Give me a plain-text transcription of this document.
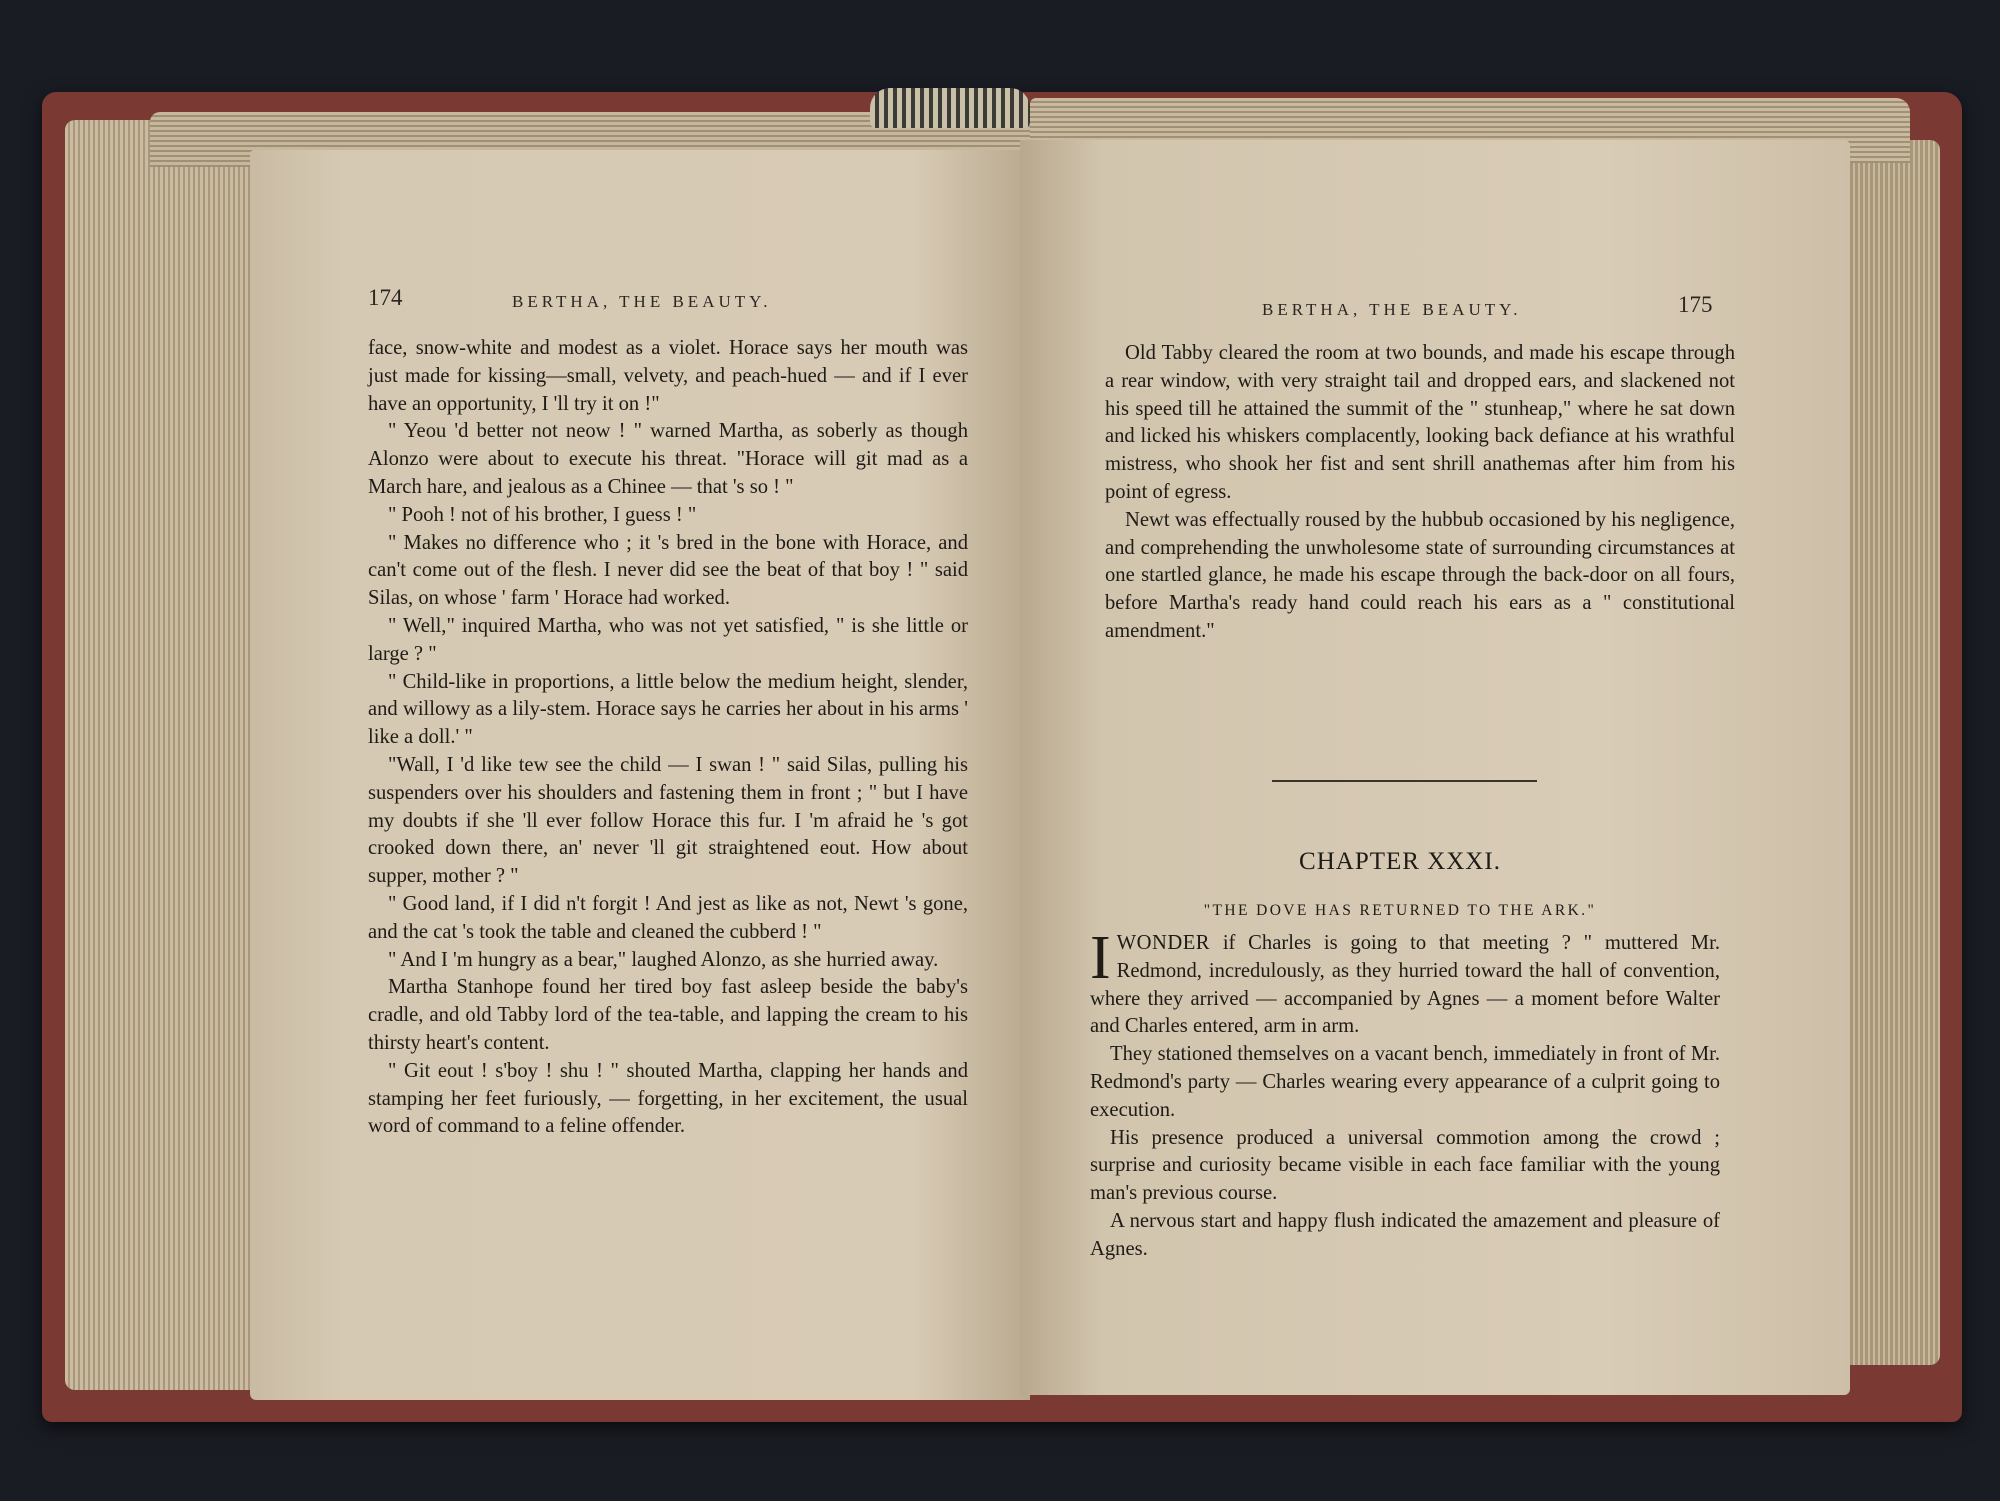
174	BERTHA, THE BEAUTY.

face, snow-white and modest as a violet. Horace says her mouth was just made for kissing—small, velvety, and peach-hued — and if I ever have an opportunity, I 'll try it on !"

" Yeou 'd better not neow ! " warned Martha, as soberly as though Alonzo were about to execute his threat. "Horace will git mad as a March hare, and jealous as a Chinee — that 's so ! "

" Pooh ! not of his brother, I guess ! "

" Makes no difference who ; it 's bred in the bone with Horace, and can't come out of the flesh. I never did see the beat of that boy ! " said Silas, on whose ' farm ' Horace had worked.

" Well," inquired Martha, who was not yet satisfied, " is she little or large ? "

" Child-like in proportions, a little below the medium height, slender, and willowy as a lily-stem. Horace says he carries her about in his arms ' like a doll.' "

"Wall, I 'd like tew see the child — I swan ! " said Silas, pulling his suspenders over his shoulders and fastening them in front ; " but I have my doubts if she 'll ever follow Horace this fur. I 'm afraid he 's got crooked down there, an' never 'll git straightened eout. How about supper, mother ? "

" Good land, if I did n't forgit ! And jest as like as not, Newt 's gone, and the cat 's took the table and cleaned the cubberd ! "

" And I 'm hungry as a bear," laughed Alonzo, as she hurried away.

Martha Stanhope found her tired boy fast asleep beside the baby's cradle, and old Tabby lord of the tea-table, and lapping the cream to his thirsty heart's content.

" Git eout ! s'boy ! shu ! " shouted Martha, clapping her hands and stamping her feet furiously, — forgetting, in her excitement, the usual word of command to a feline offender.

BERTHA, THE BEAUTY.	175

Old Tabby cleared the room at two bounds, and made his escape through a rear window, with very straight tail and dropped ears, and slackened not his speed till he attained the summit of the " stunheap," where he sat down and licked his whiskers complacently, looking back defiance at his wrathful mistress, who shook her fist and sent shrill anathemas after him from his point of egress.

Newt was effectually roused by the hubbub occasioned by his negligence, and comprehending the unwholesome state of surrounding circumstances at one startled glance, he made his escape through the back-door on all fours, before Martha's ready hand could reach his ears as a " constitutional amendment."

CHAPTER XXXI.
"THE DOVE HAS RETURNED TO THE ARK."

IWONDER if Charles is going to that meeting ? " muttered Mr. Redmond, incredulously, as they hurried toward the hall of convention, where they arrived — accompanied by Agnes — a moment before Walter and Charles entered, arm in arm.

They stationed themselves on a vacant bench, immediately in front of Mr. Redmond's party — Charles wearing every appearance of a culprit going to execution.

His presence produced a universal commotion among the crowd ; surprise and curiosity became visible in each face familiar with the young man's previous course.

A nervous start and happy flush indicated the amazement and pleasure of Agnes.
